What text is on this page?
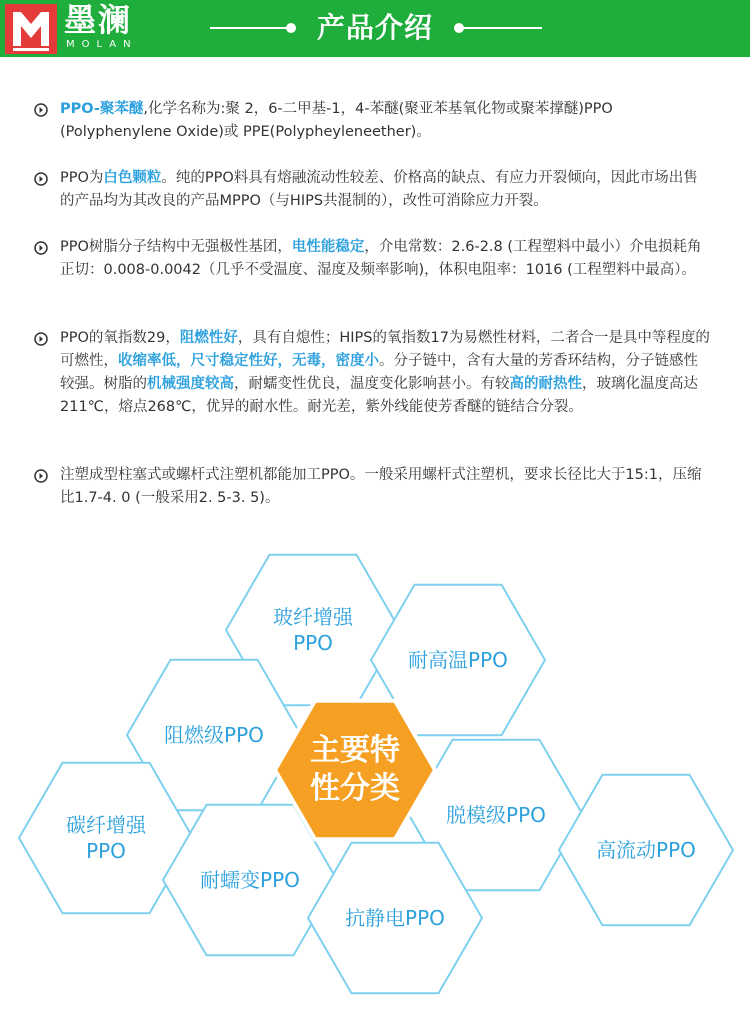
墨澜
MOLAN
产品介绍

PPO-聚苯醚,化学名称为:聚 2，6-二甲基-1，4-苯醚(聚亚苯基氧化物或聚苯撑醚)PPO (Polyphenylene Oxide)或 PPE(Polypheyleneether)。

PPO为白色颗粒。纯的PPO料具有熔融流动性较差、价格高的缺点、有应力开裂倾向，因此市场出售的产品均为其改良的产品MPPO（与HIPS共混制的），改性可消除应力开裂。

PPO树脂分子结构中无强极性基团，电性能稳定，介电常数：2.6-2.8 (工程塑料中最小）介电损耗角正切：0.008-0.0042（几乎不受温度、湿度及频率影响)，体积电阻率：1016 (工程塑料中最高）。

PPO的氧指数29，阻燃性好，具有自熄性；HIPS的氧指数17为易燃性材料，二者合一是具中等程度的可燃性，收缩率低，尺寸稳定性好，无毒，密度小。分子链中，含有大量的芳香环结构，分子链感性较强。树脂的机械强度较高，耐蠕变性优良，温度变化影响甚小。有较高的耐热性，玻璃化温度高达211℃，熔点268℃，优异的耐水性。耐光差，紫外线能使芳香醚的链结合分裂。

注塑成型柱塞式或螺杆式注塑机都能加工PPO。一般采用螺杆式注塑机，要求长径比大于15:1，压缩比1.7-4. 0 (一般采用2. 5-3. 5)。

玻纤增强
PPO
耐高温PPO
阻燃级PPO
脱模级PPO
碳纤增强
PPO
耐蠕变PPO
抗静电PPO
高流动PPO
主要特
性分类
